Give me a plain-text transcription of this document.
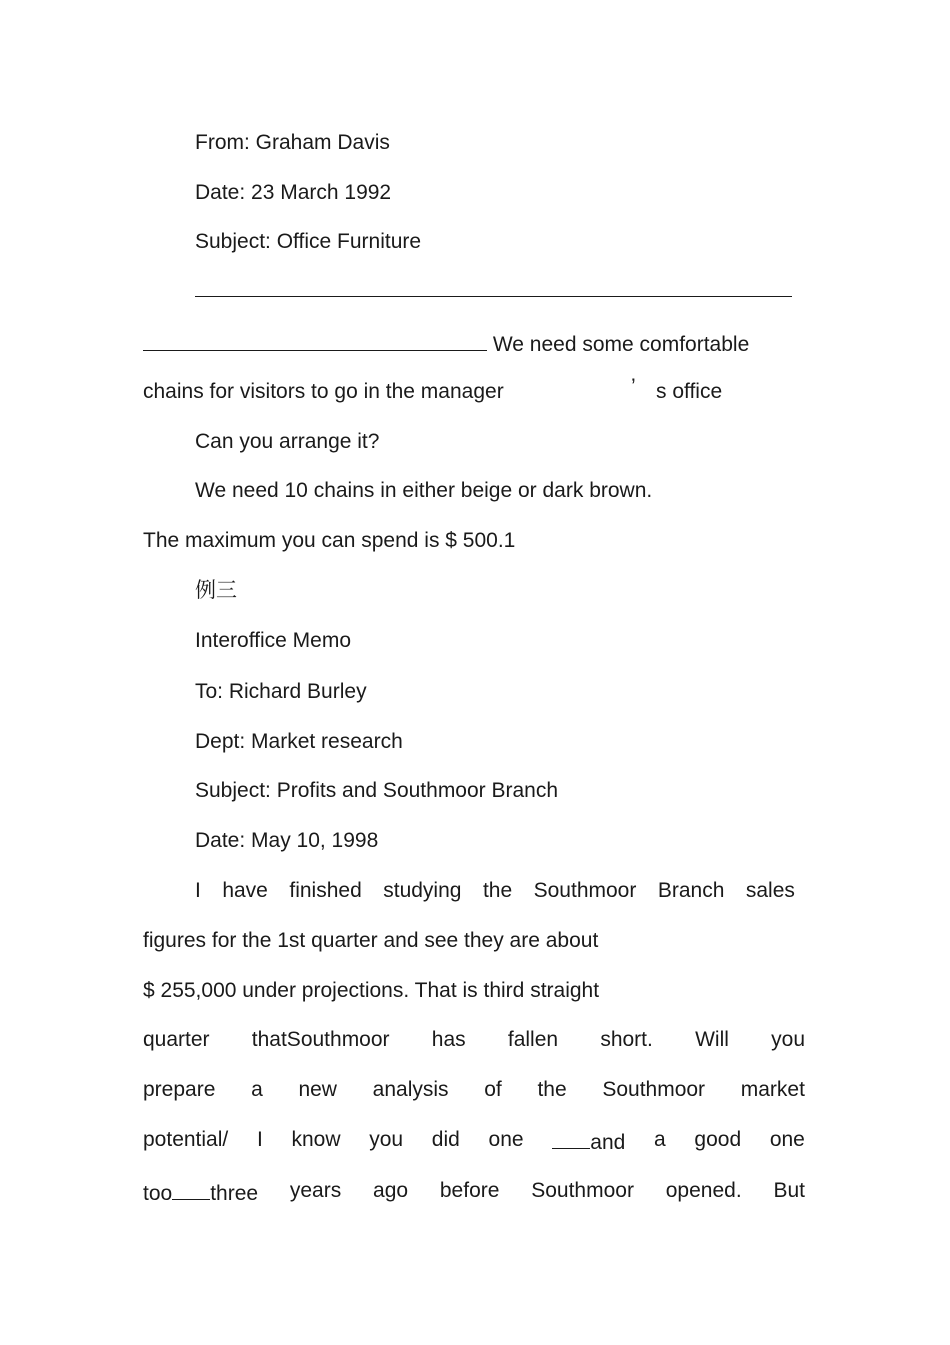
From: Graham Davis

Date: 23 March 1992

Subject: Office Furniture

We need some comfortable

chains for visitors to go in the manager	’ s office

Can you arrange it?

We need 10 chains in either beige or dark brown.

The maximum you can spend is $ 500.1

例三

Interoffice Memo

To: Richard Burley

Dept: Market research

Subject: Profits and Southmoor Branch

Date: May 10, 1998

I have finished studying the Southmoor Branch sales

figures for the 1st quarter and see they are about

$ 255,000 under projections. That is third straight

quarter thatSouthmoor has fallen short. Will you
prepare a new analysis of the Southmoor market
potential/ I know you did one	and a good one
too three years ago before Southmoor opened. But
